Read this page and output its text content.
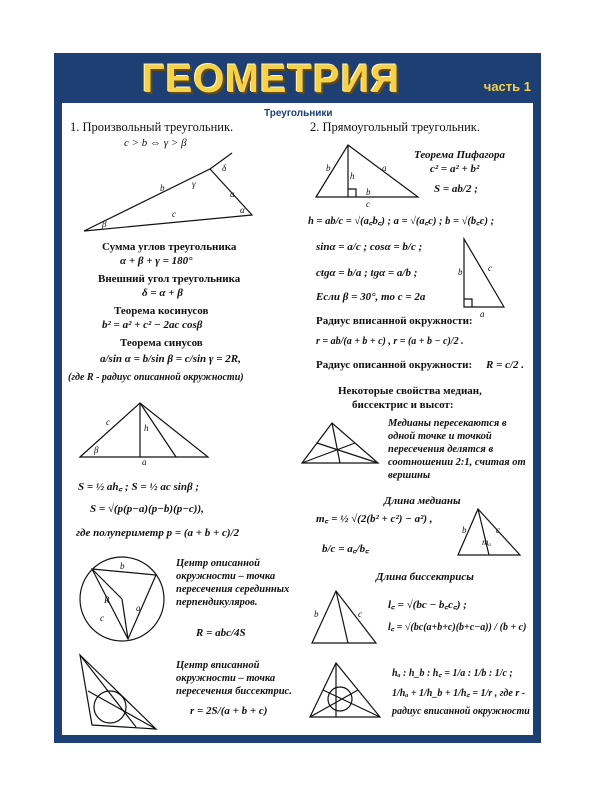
ГЕОМЕТРИЯ	часть 1
Треугольники
1. Произвольный треугольник.
c > b ⇔ γ > β
c
a
b
β
γ
δ
α
Сумма углов треугольника
α + β + γ = 180°
Внешний угол треугольника
δ = α + β
Теорема косинусов
b² = a² + c² − 2ac cosβ
Теорема синусов
a/sin α = b/sin β = c/sin γ = 2R,
(где R - радиус описанной окружности)
h
c
a
β
S = ½ ah꜀ ; S = ½ ac sinβ ;
S = √(p(p−a)(p−b)(p−c)),
где полупериметр p = (a + b + c)/2
R
a
b
c
Центр описанной окружности – точка пересечения серединных перпендикуляров.
R = abc/4S
Центр вписанной окружности – точка пересечения биссектрис.
r = 2S/(a + b + c)
2. Прямоугольный треугольник.
b	a
h
b
c
Теорема Пифагора
c² = a² + b²
S = ab/2 ;
h = ab/c = √(a꜀b꜀) ; a = √(a꜀c) ; b = √(b꜀c) ;
b	c
a
sinα = a/c ; cosα = b/c ;
ctgα = b/a ; tgα = a/b ;
Если β = 30°, то c = 2a
Радиус вписанной окружности:
r = ab/(a + b + c) , r = (a + b − c)/2 .
Радиус описанной окружности: R = c/2 .
Некоторые свойства медиан,
биссектрис и высот:
Медианы пересекаются в одной точке и точкой пересечения делятся в соотношении 2:1, считая от вершины
Длина медианы
m꜀ = ½ √(2(b² + c²) − a²) ,
b/c = a꜀/b꜀
b	c
mₐ
Длина биссектрисы
b	c
l꜀ = √(bc − b꜀c꜀) ;
l꜀ = √(bc(a+b+c)(b+c−a)) / (b + c)
hₐ : h_b : h꜀ = 1/a : 1/b : 1/c ;
1/hₐ + 1/h_b + 1/h꜀ = 1/r , где r -
радиус вписанной окружности
